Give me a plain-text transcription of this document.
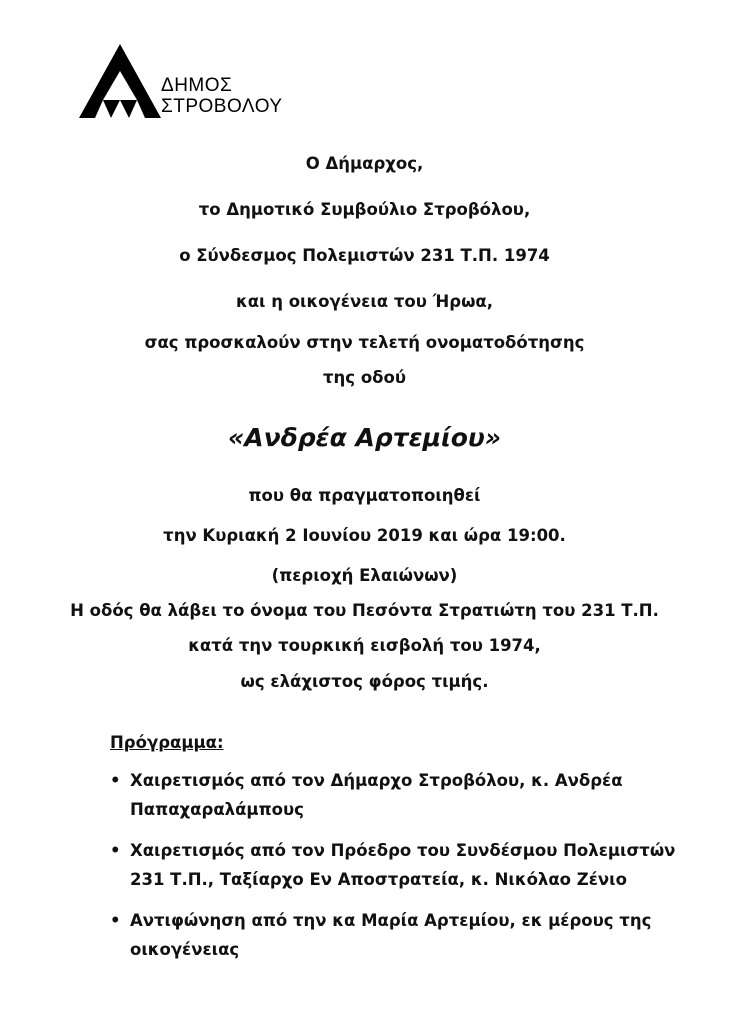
ΔΗΜΟΣ
ΣΤΡΟΒΟΛΟΥ
Ο Δήμαρχος,
το Δημοτικό Συμβούλιο Στροβόλου,
ο Σύνδεσμος Πολεμιστών 231 Τ.Π. 1974
και η οικογένεια του Ήρωα,
σας προσκαλούν στην τελετή ονοματοδότησης
της οδού
«Ανδρέα Αρτεμίου»
που θα πραγματοποιηθεί
την Κυριακή 2 Ιουνίου 2019 και ώρα 19:00.
(περιοχή Ελαιώνων)
Η οδός θα λάβει το όνομα του Πεσόντα Στρατιώτη του 231 Τ.Π.
κατά την τουρκική εισβολή του 1974,
ως ελάχιστος φόρος τιμής.
Πρόγραμμα:
• Χαιρετισμός από τον Δήμαρχο Στροβόλου, κ. Ανδρέα
Παπαχαραλάμπους
• Χαιρετισμός από τον Πρόεδρο του Συνδέσμου Πολεμιστών
231 Τ.Π., Ταξίαρχο Εν Αποστρατεία, κ. Νικόλαο Ζένιο
• Αντιφώνηση από την κα Μαρία Αρτεμίου, εκ μέρους της
οικογένειας
